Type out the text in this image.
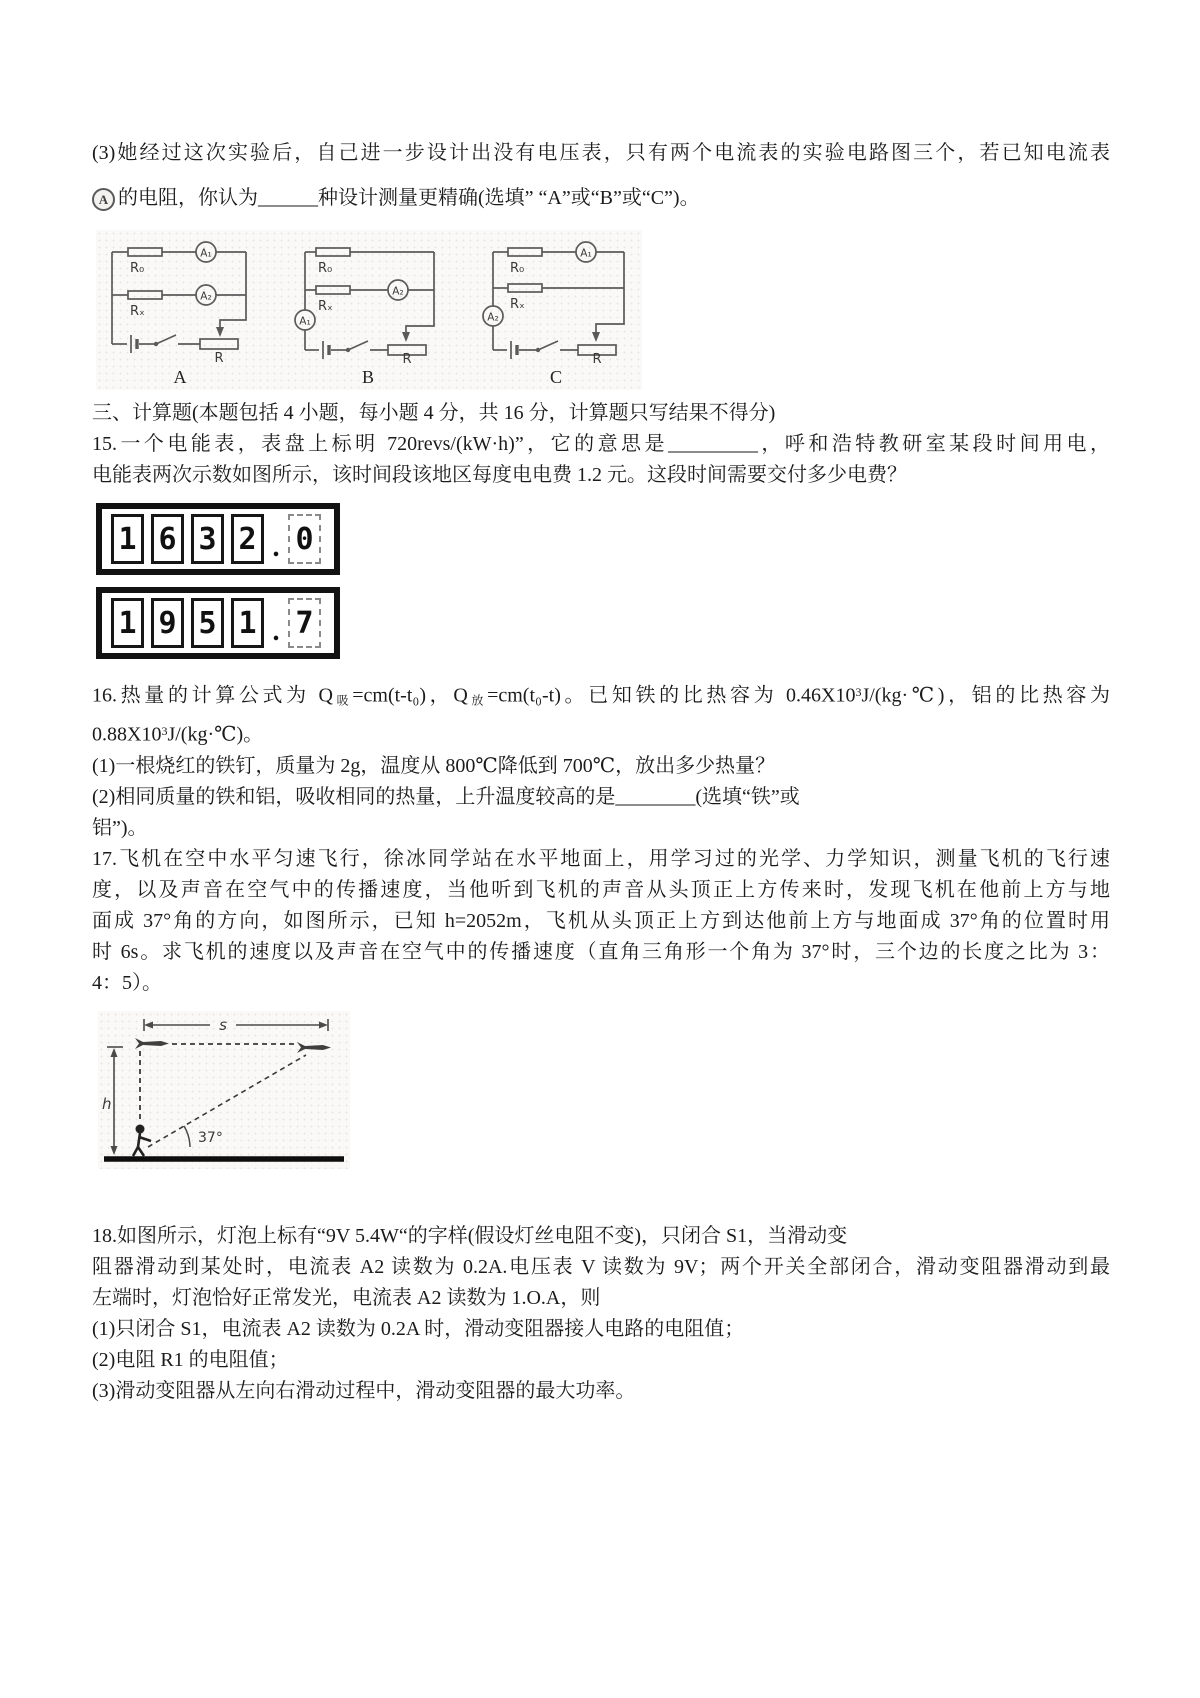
(3)她经过这次实验后，自己进一步设计出没有电压表，只有两个电流表的实验电路图三个，若已知电流表
A 的电阻，你认为______种设计测量更精确(选填” “A”或“B”或“C”)。
R₀
Rₓ
A₁
A₂
R
A
R₀
Rₓ
A₁
A₂
R
B
R₀
Rₓ
A₁
A₂
R
C
三、计算题(本题包括 4 小题，每小题 4 分，共 16 分，计算题只写结果不得分)
15.一个电能表，表盘上标明 720revs/(kW·h)”，它的意思是_________，呼和浩特教研室某段时间用电，
电能表两次示数如图所示，该时间段该地区每度电电费 1.2 元。这段时间需要交付多少电费？
1 6 3 2 . 0
1 9 5 1 . 7
16.热量的计算公式为 $Q_吸=cm(t-t_0)$，$Q_放=cm(t_0-t)$。已知铁的比热容为 $0.46X10^3J/(kg\cdot℃)$，铝的比热容为
$0.88X10^3J/(kg\cdot℃)$。
(1)一根烧红的铁钉，质量为 2g，温度从 800℃降低到 700℃，放出多少热量？
(2)相同质量的铁和铝，吸收相同的热量，上升温度较高的是________(选填“铁”或
铝”)。
17.飞机在空中水平匀速飞行，徐冰同学站在水平地面上，用学习过的光学、力学知识，测量飞机的飞行速
度，以及声音在空气中的传播速度，当他听到飞机的声音从头顶正上方传来时，发现飞机在他前上方与地
面成 37°角的方向，如图所示，已知 h=2052m，飞机从头顶正上方到达他前上方与地面成 37°角的位置时用
时 6s。求飞机的速度以及声音在空气中的传播速度（直角三角形一个角为 37°时，三个边的长度之比为 3：
4：5）。
s
h
37°
18.如图所示，灯泡上标有“9V 5.4W“的字样(假设灯丝电阻不变)，只闭合 S1，当滑动变
阻器滑动到某处时，电流表 A2 读数为 0.2A.电压表 V 读数为 9V；两个开关全部闭合，滑动变阻器滑动到最
左端时，灯泡恰好正常发光，电流表 A2 读数为 1.O.A，则
(1)只闭合 S1，电流表 A2 读数为 0.2A 时，滑动变阻器接人电路的电阻值；
(2)电阻 R1 的电阻值；
(3)滑动变阻器从左向右滑动过程中，滑动变阻器的最大功率。
